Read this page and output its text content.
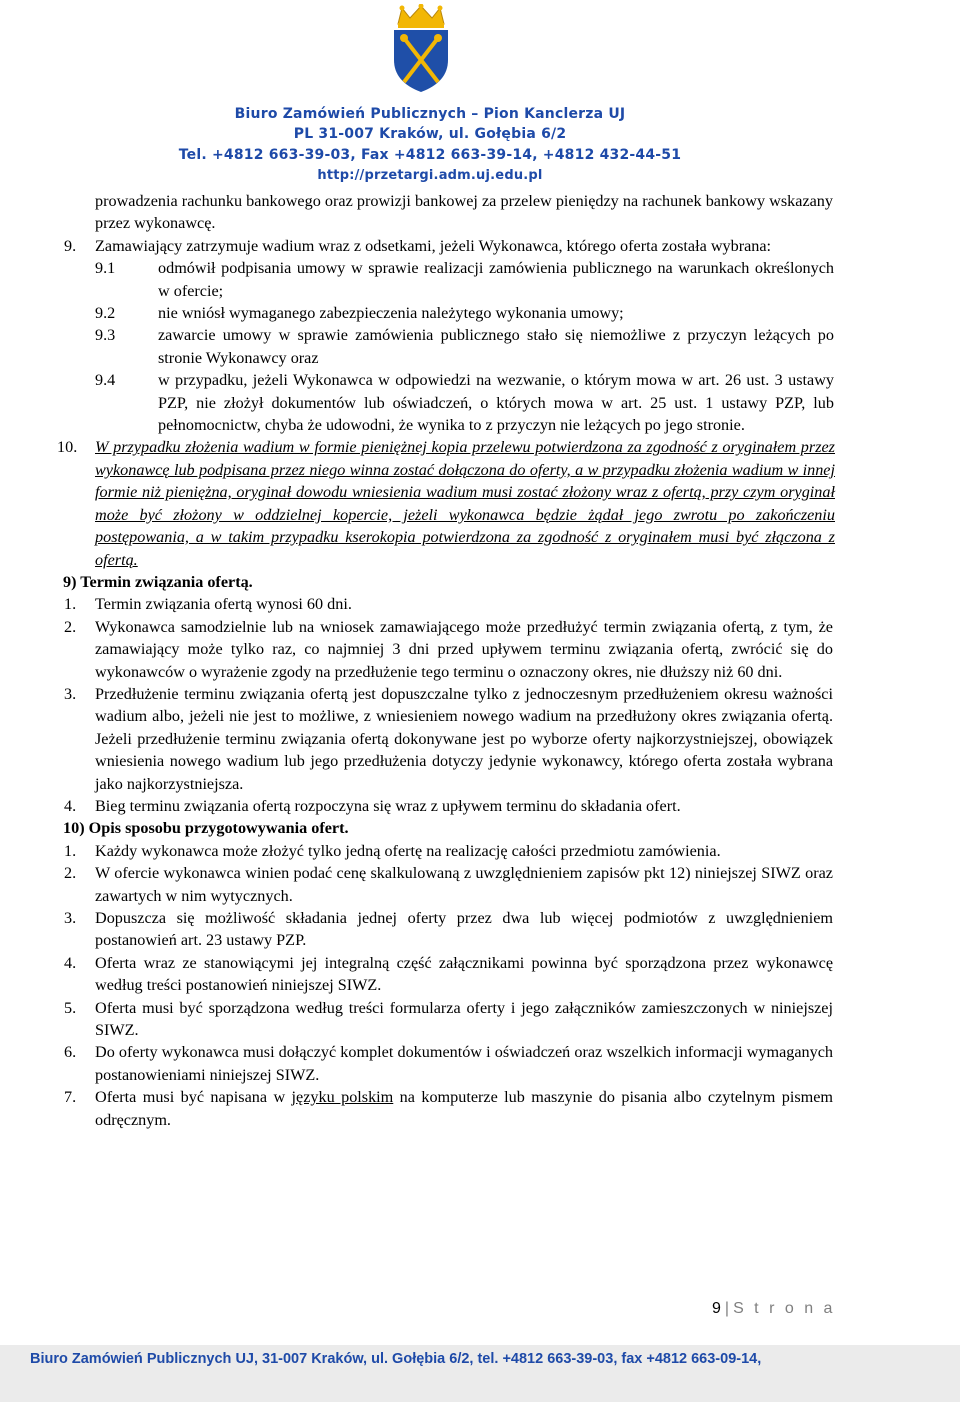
Biuro Zamówień Publicznych – Pion Kanclerza UJ
PL 31-007 Kraków, ul. Gołębia 6/2
Tel. +4812 663-39-03, Fax +4812 663-39-14, +4812 432-44-51
http://przetargi.adm.uj.edu.pl

prowadzenia rachunku bankowego oraz prowizji bankowej za przelew pieniędzy na rachunek bankowy wskazany przez wykonawcę.

9. Zamawiający zatrzymuje wadium wraz z odsetkami, jeżeli Wykonawca, którego oferta została wybrana:
9.1	odmówił podpisania umowy w sprawie realizacji zamówienia publicznego na warunkach określonych w ofercie;
9.2	nie wniósł wymaganego zabezpieczenia należytego wykonania umowy;
9.3	zawarcie umowy w sprawie zamówienia publicznego stało się niemożliwe z przyczyn leżących po stronie Wykonawcy oraz
9.4	w przypadku, jeżeli Wykonawca w odpowiedzi na wezwanie, o którym mowa w art. 26 ust. 3 ustawy PZP, nie złożył dokumentów lub oświadczeń, o których mowa w art. 25 ust. 1 ustawy PZP, lub pełnomocnictw, chyba że udowodni, że wynika to z przyczyn nie leżących po jego stronie.
10. W przypadku złożenia wadium w formie pieniężnej kopia przelewu potwierdzona za zgodność z oryginałem przez wykonawcę lub podpisana przez niego winna zostać dołączona do oferty, a w przypadku złożenia wadium w innej formie niż pieniężna, oryginał dowodu wniesienia wadium musi zostać złożony wraz z ofertą, przy czym oryginał może być złożony w oddzielnej kopercie, jeżeli wykonawca będzie żądał jego zwrotu po zakończeniu postępowania, a w takim przypadku kserokopia potwierdzona za zgodność z oryginałem musi być złączona z ofertą.
9) Termin związania ofertą.
1. Termin związania ofertą wynosi 60 dni.
2. Wykonawca samodzielnie lub na wniosek zamawiającego może przedłużyć termin związania ofertą, z tym, że zamawiający może tylko raz, co najmniej 3 dni przed upływem terminu związania ofertą, zwrócić się do wykonawców o wyrażenie zgody na przedłużenie tego terminu o oznaczony okres, nie dłuższy niż 60 dni.
3. Przedłużenie terminu związania ofertą jest dopuszczalne tylko z jednoczesnym przedłużeniem okresu ważności wadium albo, jeżeli nie jest to możliwe, z wniesieniem nowego wadium na przedłużony okres związania ofertą. Jeżeli przedłużenie terminu związania ofertą dokonywane jest po wyborze oferty najkorzystniejszej, obowiązek wniesienia nowego wadium lub jego przedłużenia dotyczy jedynie wykonawcy, którego oferta została wybrana jako najkorzystniejsza.
4. Bieg terminu związania ofertą rozpoczyna się wraz z upływem terminu do składania ofert.
10) Opis sposobu przygotowywania ofert.
1. Każdy wykonawca może złożyć tylko jedną ofertę na realizację całości przedmiotu zamówienia.
2. W ofercie wykonawca winien podać cenę skalkulowaną z uwzględnieniem zapisów pkt 12) niniejszej SIWZ oraz zawartych w nim wytycznych.
3. Dopuszcza się możliwość składania jednej oferty przez dwa lub więcej podmiotów z uwzględnieniem postanowień art. 23 ustawy PZP.
4. Oferta wraz ze stanowiącymi jej integralną część załącznikami powinna być sporządzona przez wykonawcę według treści postanowień niniejszej SIWZ.
5. Oferta musi być sporządzona według treści formularza oferty i jego załączników zamieszczonych w niniejszej SIWZ.
6. Do oferty wykonawca musi dołączyć komplet dokumentów i oświadczeń oraz wszelkich informacji wymaganych postanowieniami niniejszej SIWZ.
7. Oferta musi być napisana w języku polskim na komputerze lub maszynie do pisania albo czytelnym pismem odręcznym.
9 | S t r o n a
Biuro Zamówień Publicznych UJ, 31-007 Kraków, ul. Gołębia 6/2, tel. +4812 663-39-03, fax +4812 663-09-14,
